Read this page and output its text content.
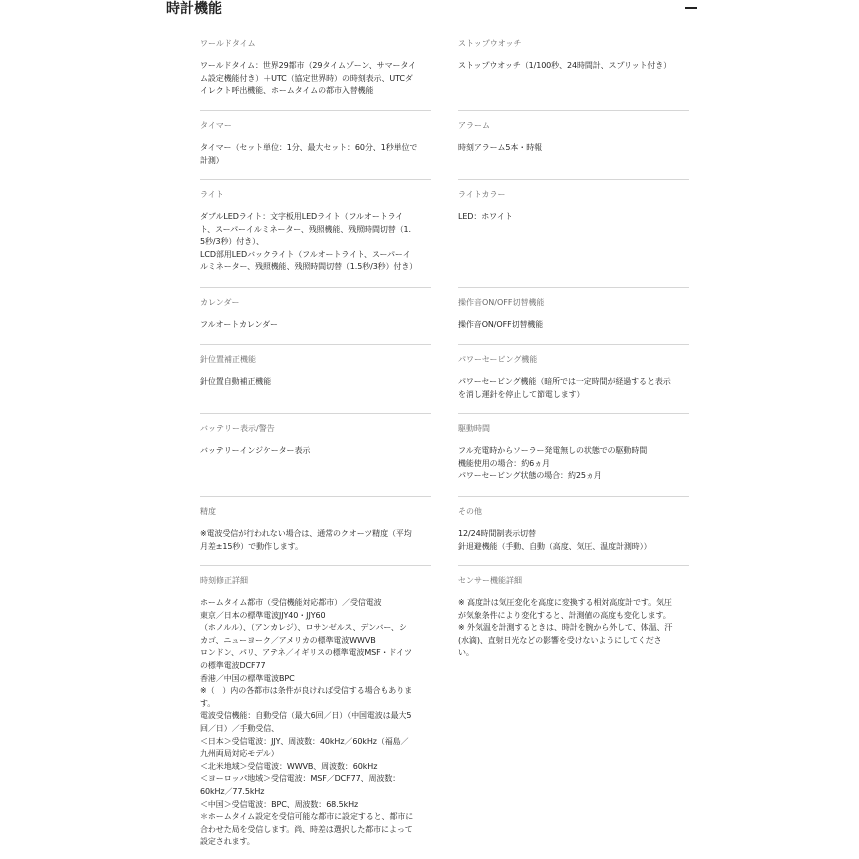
時計機能
ワールドタイム
ワールドタイム：世界29都市（29タイムゾーン、サマータイ
ム設定機能付き）＋UTC（協定世界時）の時刻表示、UTCダ
イレクト呼出機能、ホームタイムの都市入替機能
タイマー
タイマー（セット単位：1分、最大セット：60分、1秒単位で
計測）
ライト
ダブルLEDライト：文字板用LEDライト（フルオートライ
ト、スーパーイルミネーター、残照機能、残照時間切替（1.
5秒/3秒）付き）、
LCD部用LEDバックライト（フルオートライト、スーパーイ
ルミネーター、残照機能、残照時間切替（1.5秒/3秒）付き）
カレンダー
フルオートカレンダー
針位置補正機能
針位置自動補正機能
バッテリー表示/警告
バッテリーインジケーター表示
精度
※電波受信が行われない場合は、通常のクオーツ精度（平均
月差±15秒）で動作します。
時刻修正詳細
ホームタイム都市（受信機能対応都市）／受信電波
東京／日本の標準電波JJY40・JJY60
（ホノルル）、（アンカレジ）、ロサンゼルス、デンバー、シ
カゴ、ニューヨーク／アメリカの標準電波WWVB
ロンドン、パリ、アテネ／イギリスの標準電波MSF・ドイツ
の標準電波DCF77
香港／中国の標準電波BPC
※（　）内の各都市は条件が良ければ受信する場合もありま
す。
電波受信機能：自動受信（最大6回／日）（中国電波は最大5
回／日）／手動受信、
＜日本＞受信電波：JJY、周波数：40kHz／60kHz（福島／
九州両局対応モデル）
＜北米地域＞受信電波：WWVB、周波数：60kHz
＜ヨーロッパ地域＞受信電波：MSF／DCF77、周波数：
60kHz／77.5kHz
＜中国＞受信電波：BPC、周波数：68.5kHz
＊ホームタイム設定を受信可能な都市に設定すると、都市に
合わせた局を受信します。尚、時差は選択した都市によって
設定されます。
ストップウオッチ
ストップウオッチ（1/100秒、24時間計、スプリット付き）
アラーム
時刻アラーム5本・時報
ライトカラー
LED：ホワイト
操作音ON/OFF切替機能
操作音ON/OFF切替機能
パワーセービング機能
パワーセービング機能（暗所では一定時間が経過すると表示
を消し運針を停止して節電します）
駆動時間
フル充電時からソーラー発電無しの状態での駆動時間
機能使用の場合：約6ヵ月
パワーセービング状態の場合：約25ヵ月
その他
12/24時間制表示切替
針退避機能（手動、自動（高度、気圧、温度計測時））
センサー機能詳細
※ 高度計は気圧変化を高度に変換する相対高度計です。気圧
が気象条件により変化すると、計測値の高度も変化します。
※ 外気温を計測するときは、時計を腕から外して、体温、汗
(水滴)、直射日光などの影響を受けないようにしてくださ
い。
